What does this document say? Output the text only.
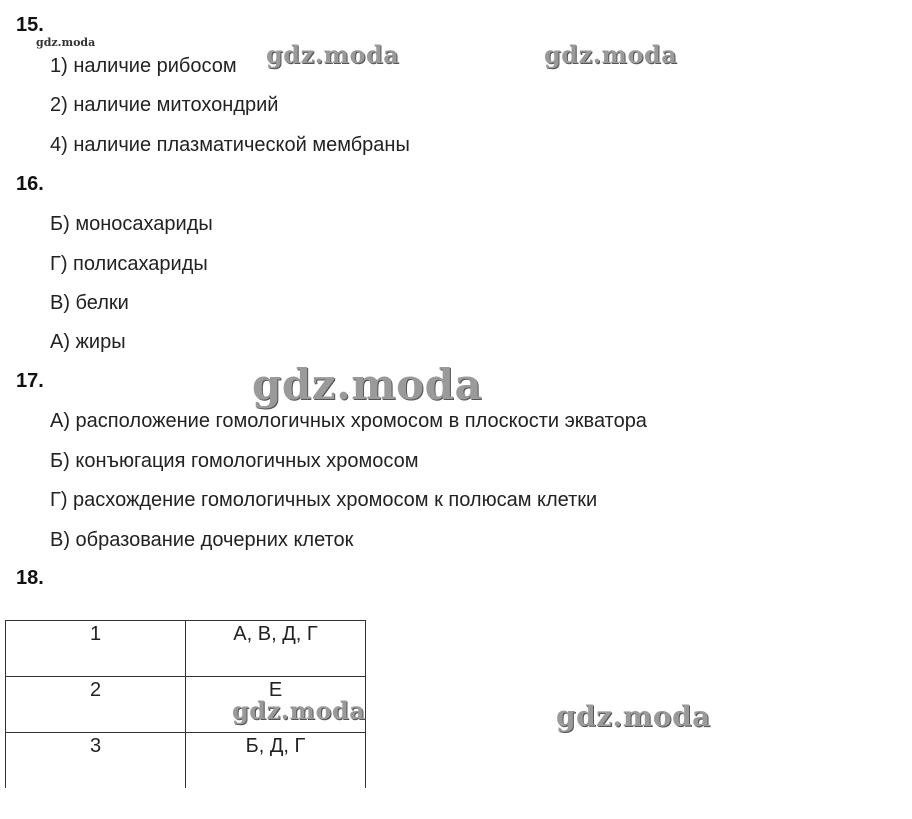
15.
1) наличие рибосом
2) наличие митохондрий
4) наличие плазматической мембраны
16.
Б) моносахариды
Г) полисахариды
В) белки
А) жиры
17.
А) расположение гомологичных хромосом в плоскости экватора
Б) конъюгация гомологичных хромосом
Г) расхождение гомологичных хромосом к полюсам клетки
В) образование дочерних клеток
18.
1	А, В, Д, Г
2	Е
3	Б, Д, Г
gdz.moda	gdz.moda	gdz.moda
gdz.moda
gdz.moda	gdz.moda
